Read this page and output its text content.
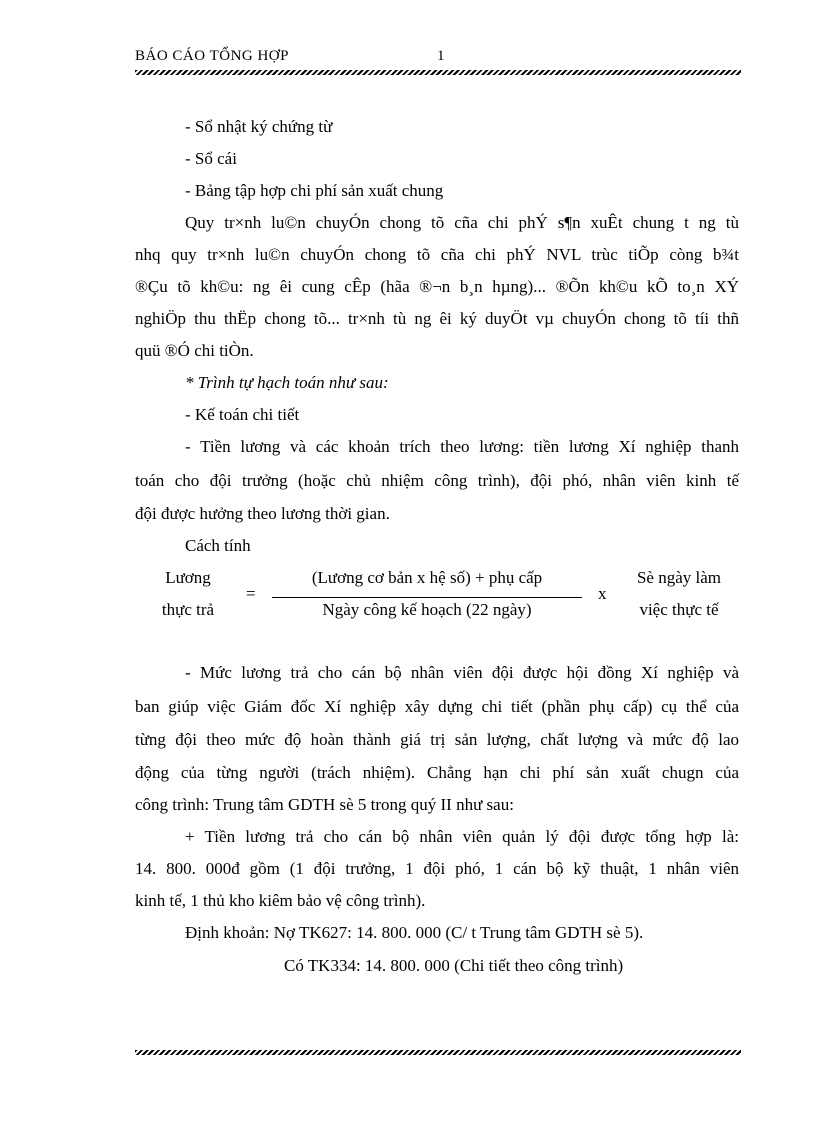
BÁO CÁO TỔNG HỢP	1
- Sổ nhật ký chứng từ
- Sổ cái
- Bảng tập hợp chi phí sản xuất chung
Quy tr×nh lu©n chuyÓn chong tõ cña chi phÝ s¶n xuÊt chung t ng tù
nhq quy tr×nh lu©n chuyÓn chong tõ cña chi phÝ NVL trùc tiÕp còng b¾t
®Çu tõ kh©u: ng êi cung cÊp (hãa ®¬n b¸n hµng)... ®Õn kh©u kÕ to¸n XÝ
nghiÖp thu thËp chong tõ... tr×nh tù ng êi ký duyÖt vµ chuyÓn chong tõ tíi thñ
quü ®Ó chi tiÒn.
* Trình tự hạch toán như sau:
- Kế toán chi tiết
- Tiền lương và các khoản trích theo lương: tiền lương Xí nghiệp thanh
toán cho đội trưởng (hoặc chủ nhiệm công trình), đội phó, nhân viên kinh tế
đội được hưởng theo lương thời gian.
Cách tính
Lương
thực trả
=
(Lương cơ bản x hệ số) + phụ cấp
Ngày công kế hoạch (22 ngày)
x
Sè ngày làm
việc thực tế
- Mức lương trả cho cán bộ nhân viên đội được hội đồng Xí nghiệp và
ban giúp việc Giám đốc Xí nghiệp xây dựng chi tiết (phần phụ cấp) cụ thể của
từng đội theo mức độ hoàn thành giá trị sản lượng, chất lượng và mức độ lao
động của từng người (trách nhiệm). Chẳng hạn chi phí sản xuất chugn của
công trình: Trung tâm GDTH sè 5 trong quý II như sau:
+ Tiền lương trả cho cán bộ nhân viên quản lý đội được tổng hợp là:
14. 800. 000đ gồm (1 đội trưởng, 1 đội phó, 1 cán bộ kỹ thuật, 1 nhân viên
kinh tế, 1 thủ kho kiêm bảo vệ công trình).
Định khoản: Nợ TK627: 14. 800. 000 (C/ t Trung tâm GDTH sè 5).
Có TK334: 14. 800. 000 (Chi tiết theo công trình)
